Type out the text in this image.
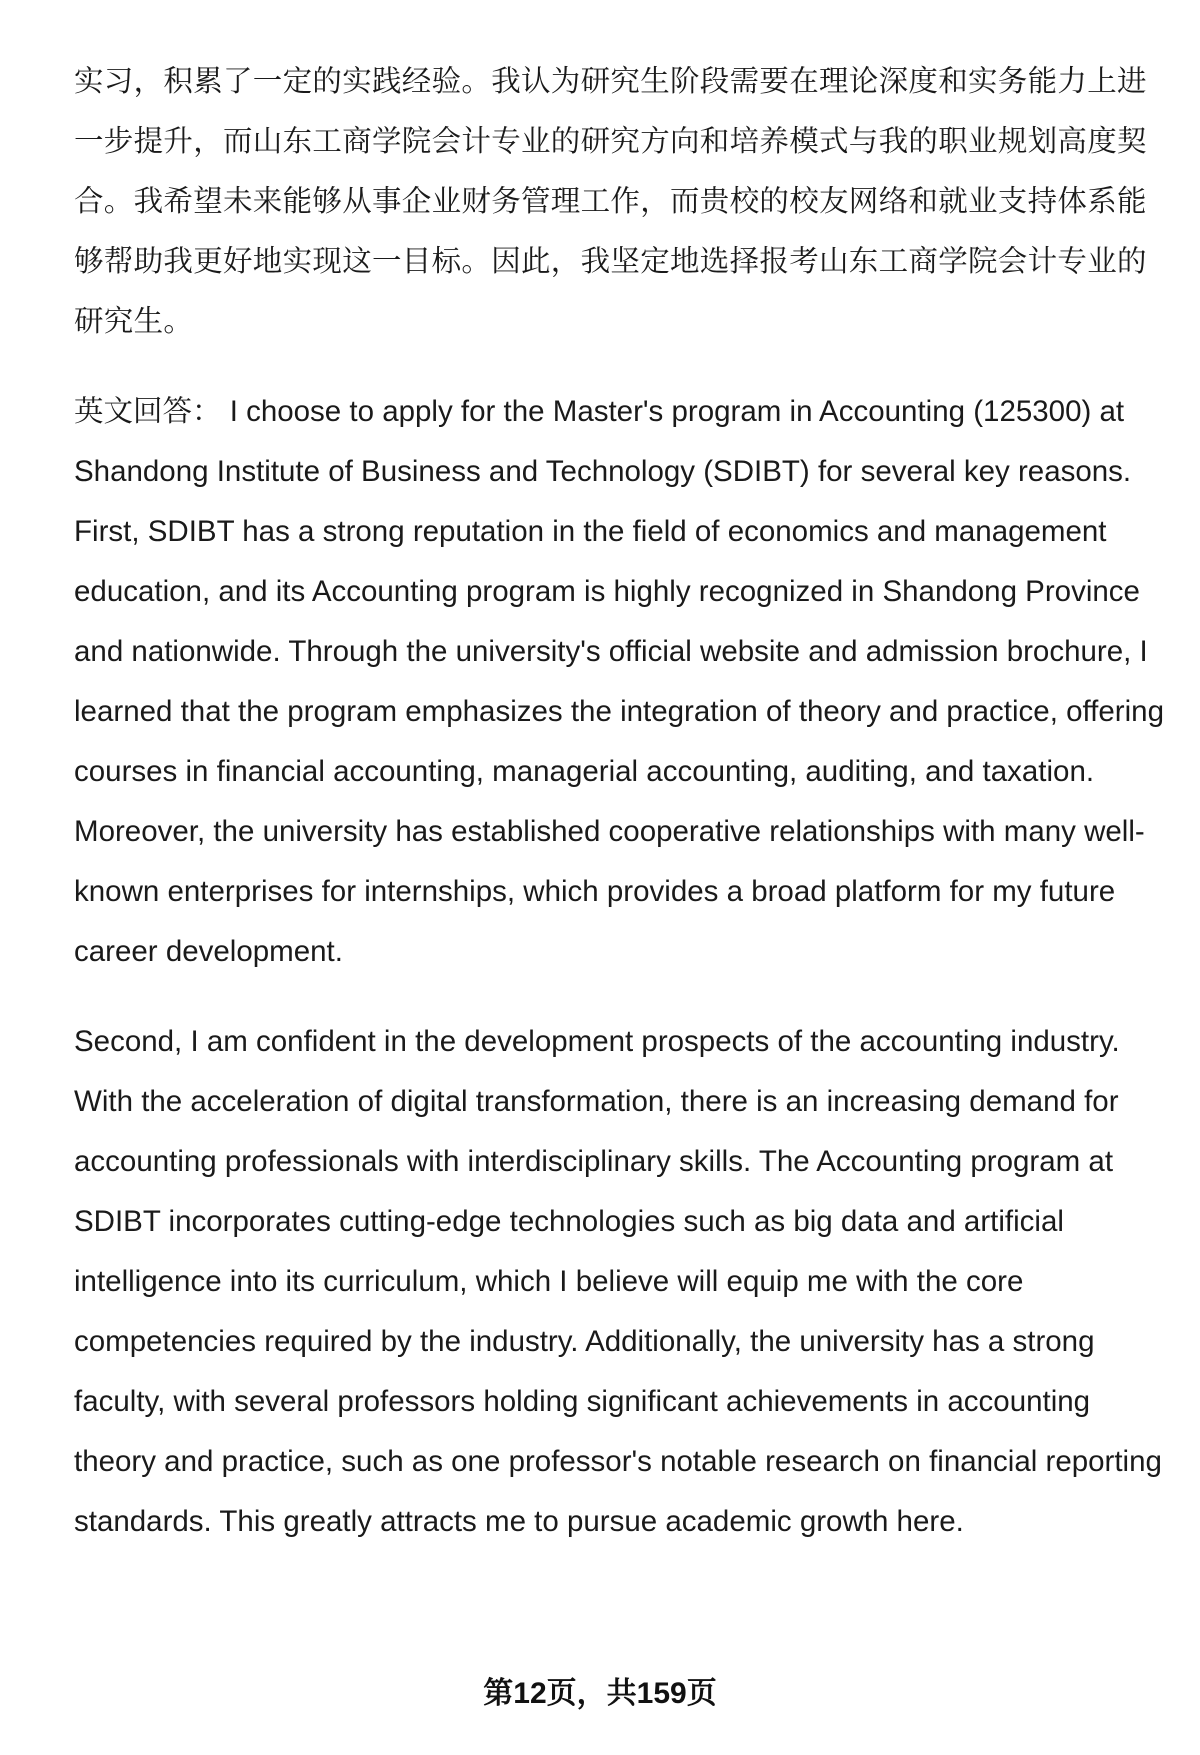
实习，积累了一定的实践经验。我认为研究生阶段需要在理论深度和实务能力上进一步提升，而山东工商学院会计专业的研究方向和培养模式与我的职业规划高度契合。我希望未来能够从事企业财务管理工作，而贵校的校友网络和就业支持体系能够帮助我更好地实现这一目标。因此，我坚定地选择报考山东工商学院会计专业的研究生。

英文回答： I choose to apply for the Master's program in Accounting (125300) at Shandong Institute of Business and Technology (SDIBT) for several key reasons. First, SDIBT has a strong reputation in the field of economics and management education, and its Accounting program is highly recognized in Shandong Province and nationwide. Through the university's official website and admission brochure, I learned that the program emphasizes the integration of theory and practice, offering courses in financial accounting, managerial accounting, auditing, and taxation. Moreover, the university has established cooperative relationships with many well-known enterprises for internships, which provides a broad platform for my future career development.

Second, I am confident in the development prospects of the accounting industry. With the acceleration of digital transformation, there is an increasing demand for accounting professionals with interdisciplinary skills. The Accounting program at SDIBT incorporates cutting-edge technologies such as big data and artificial intelligence into its curriculum, which I believe will equip me with the core competencies required by the industry. Additionally, the university has a strong faculty, with several professors holding significant achievements in accounting theory and practice, such as one professor's notable research on financial reporting standards. This greatly attracts me to pursue academic growth here.

第12页，共159页
